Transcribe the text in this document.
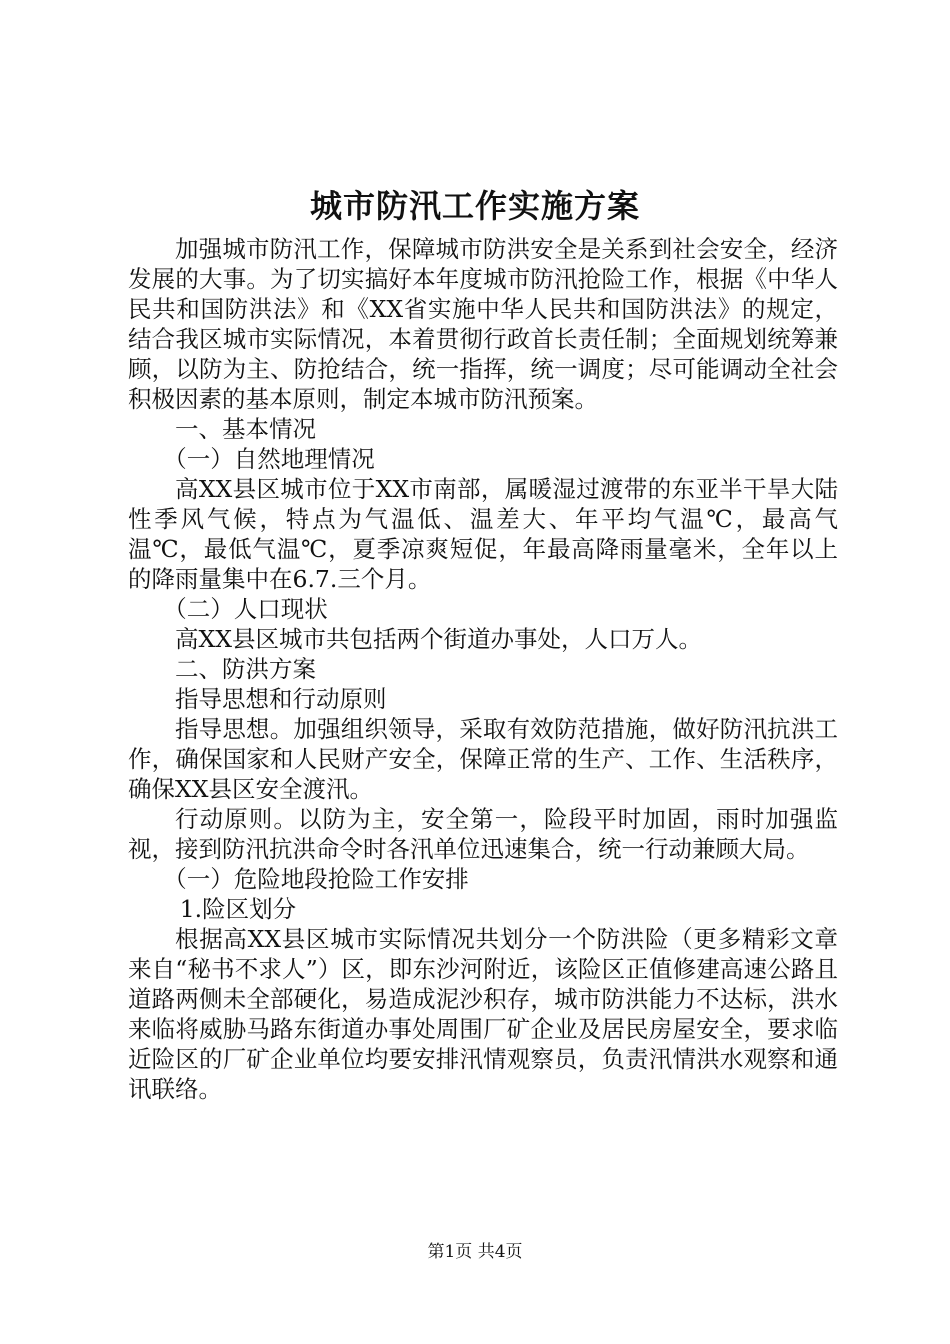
城市防汛工作实施方案

加强城市防汛工作，保障城市防洪安全是关系到社会安全，经济发展的大事。为了切实搞好本年度城市防汛抢险工作，根据《中华人民共和国防洪法》和《XX省实施中华人民共和国防洪法》的规定，结合我区城市实际情况，本着贯彻行政首长责任制；全面规划统筹兼顾，以防为主、防抢结合，统一指挥，统一调度；尽可能调动全社会积极因素的基本原则，制定本城市防汛预案。

一、基本情况

（一）自然地理情况

高XX县区城市位于XX市南部，属暖湿过渡带的东亚半干旱大陆性季风气候，特点为气温低、温差大、年平均气温℃，最高气温℃，最低气温℃，夏季凉爽短促，年最高降雨量毫米，全年以上的降雨量集中在6.7.三个月。

（二）人口现状

高XX县区城市共包括两个街道办事处，人口万人。

二、防洪方案

指导思想和行动原则

指导思想。加强组织领导，采取有效防范措施，做好防汛抗洪工作，确保国家和人民财产安全，保障正常的生产、工作、生活秩序，确保XX县区安全渡汛。

行动原则。以防为主，安全第一，险段平时加固，雨时加强监视，接到防汛抗洪命令时各汛单位迅速集合，统一行动兼顾大局。

（一）危险地段抢险工作安排

1.险区划分

根据高XX县区城市实际情况共划分一个防洪险（更多精彩文章来自“秘书不求人”）区，即东沙河附近，该险区正值修建高速公路且道路两侧未全部硬化，易造成泥沙积存，城市防洪能力不达标，洪水来临将威胁马路东街道办事处周围厂矿企业及居民房屋安全，要求临近险区的厂矿企业单位均要安排汛情观察员，负责汛情洪水观察和通讯联络。

第1页 共4页
